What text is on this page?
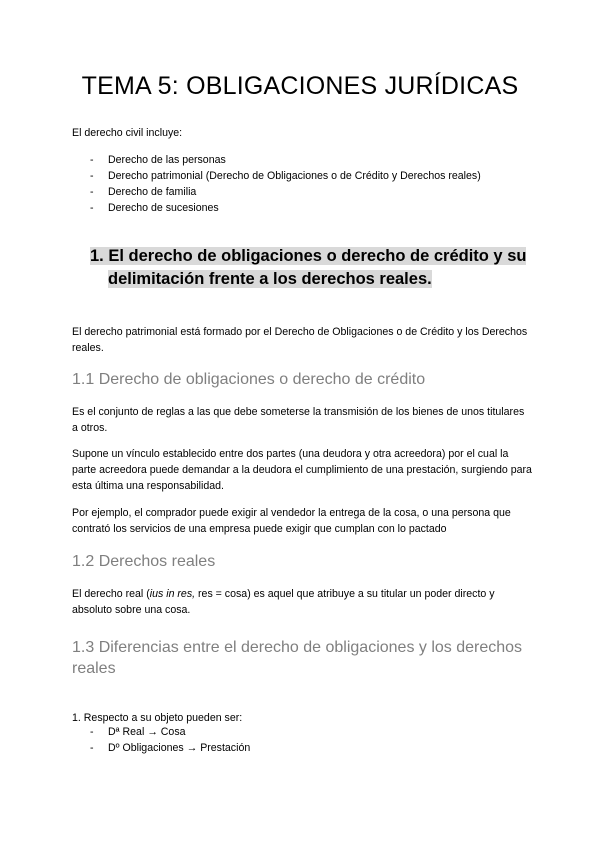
TEMA 5: OBLIGACIONES JURÍDICAS

El derecho civil incluye:

- Derecho de las personas
- Derecho patrimonial (Derecho de Obligaciones o de Crédito y Derechos reales)
- Derecho de familia
- Derecho de sucesiones
1. El derecho de obligaciones o derecho de crédito y su
delimitación frente a los derechos reales.

El derecho patrimonial está formado por el Derecho de Obligaciones o de Crédito y los Derechos reales.

1.1 Derecho de obligaciones o derecho de crédito

Es el conjunto de reglas a las que debe someterse la transmisión de los bienes de unos titulares a otros.

Supone un vínculo establecido entre dos partes (una deudora y otra acreedora) por el cual la parte acreedora puede demandar a la deudora el cumplimiento de una prestación, surgiendo para esta última una responsabilidad.

Por ejemplo, el comprador puede exigir al vendedor la entrega de la cosa, o una persona que contrató los servicios de una empresa puede exigir que cumplan con lo pactado

1.2 Derechos reales

El derecho real (ius in res, res = cosa) es aquel que atribuye a su titular un poder directo y absoluto sobre una cosa.

1.3 Diferencias entre el derecho de obligaciones y los derechos reales

1. Respecto a su objeto pueden ser:

- Dª Real → Cosa
- Dº Obligaciones → Prestación
